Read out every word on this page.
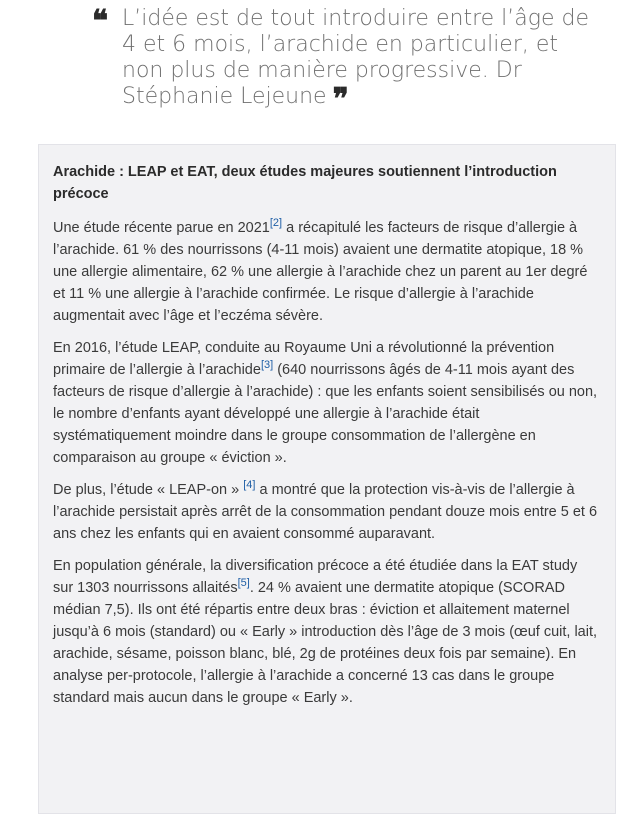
❝ L’idée est de tout introduire entre l’âge de 4 et 6 mois, l’arachide en particulier, et non plus de manière progressive. Dr Stéphanie Lejeune ❞
Arachide : LEAP et EAT, deux études majeures soutiennent l’introduction précoce

Une étude récente parue en 2021[2] a récapitulé les facteurs de risque d’allergie à l’arachide. 61 % des nourrissons (4-11 mois) avaient une dermatite atopique, 18 % une allergie alimentaire, 62 % une allergie à l’arachide chez un parent au 1er degré et 11 % une allergie à l’arachide confirmée. Le risque d’allergie à l’arachide augmentait avec l’âge et l’eczéma sévère.

En 2016, l’étude LEAP, conduite au Royaume Uni a révolutionné la prévention primaire de l’allergie à l’arachide[3] (640 nourrissons âgés de 4-11 mois ayant des facteurs de risque d’allergie à l’arachide) : que les enfants soient sensibilisés ou non, le nombre d’enfants ayant développé une allergie à l’arachide était systématiquement moindre dans le groupe consommation de l’allergène en comparaison au groupe « éviction ».

De plus, l’étude « LEAP-on » [4] a montré que la protection vis-à-vis de l’allergie à l’arachide persistait après arrêt de la consommation pendant douze mois entre 5 et 6 ans chez les enfants qui en avaient consommé auparavant.

En population générale, la diversification précoce a été étudiée dans la EAT study sur 1303 nourrissons allaités[5]. 24 % avaient une dermatite atopique (SCORAD médian 7,5). Ils ont été répartis entre deux bras : éviction et allaitement maternel jusqu’à 6 mois (standard) ou « Early » introduction dès l’âge de 3 mois (œuf cuit, lait, arachide, sésame, poisson blanc, blé, 2g de protéines deux fois par semaine). En analyse per-protocole, l’allergie à l’arachide a concerné 13 cas dans le groupe standard mais aucun dans le groupe « Early ».
